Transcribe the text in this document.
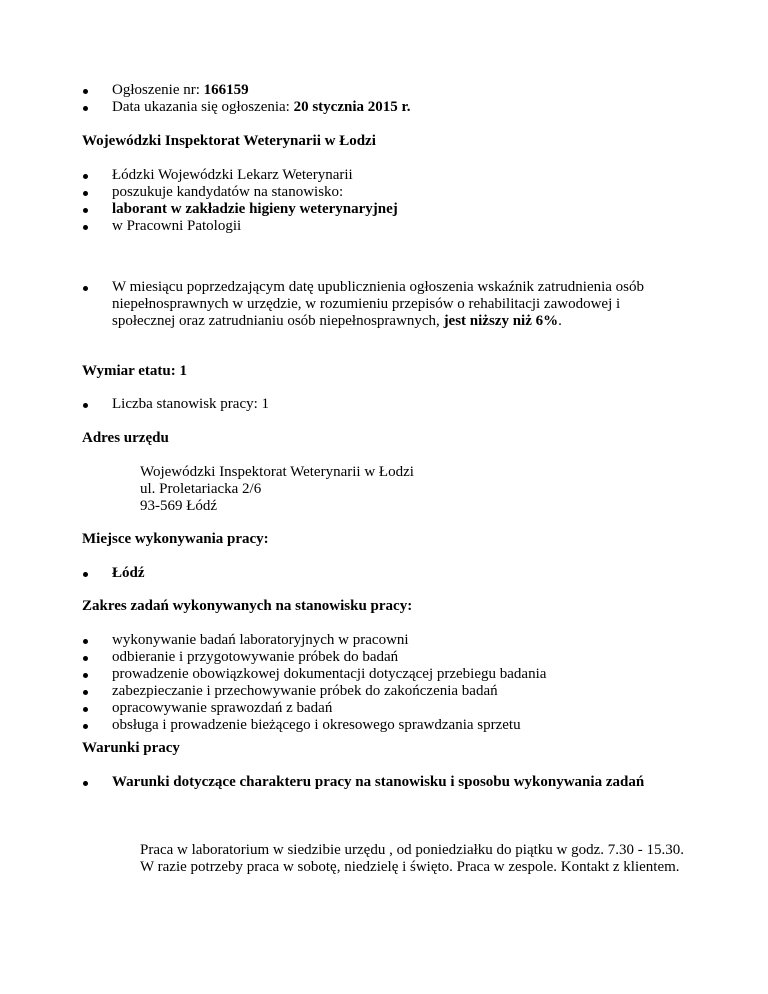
Ogłoszenie nr: 166159
Data ukazania się ogłoszenia: 20 stycznia 2015 r.
Wojewódzki Inspektorat Weterynarii w Łodzi
Łódzki Wojewódzki Lekarz Weterynarii
poszukuje kandydatów na stanowisko:
laborant w zakładzie higieny weterynaryjnej
w Pracowni Patologii
W miesiącu poprzedzającym datę upublicznienia ogłoszenia wskaźnik zatrudnienia osób niepełnosprawnych w urzędzie, w rozumieniu przepisów o rehabilitacji zawodowej i społecznej oraz zatrudnianiu osób niepełnosprawnych, jest niższy niż 6%.
Wymiar etatu: 1
Liczba stanowisk pracy: 1
Adres urzędu
Wojewódzki Inspektorat Weterynarii w Łodzi
ul. Proletariacka 2/6
93-569 Łódź
Miejsce wykonywania pracy:
Łódź
Zakres zadań wykonywanych na stanowisku pracy:
wykonywanie badań laboratoryjnych w pracowni
odbieranie i przygotowywanie próbek do badań
prowadzenie obowiązkowej dokumentacji dotyczącej przebiegu badania
zabezpieczanie i przechowywanie próbek do zakończenia badań
opracowywanie sprawozdań z badań
obsługa i prowadzenie bieżącego i okresowego sprawdzania sprzetu
Warunki pracy
Warunki dotyczące charakteru pracy na stanowisku i sposobu wykonywania zadań
Praca w laboratorium w siedzibie urzędu , od poniedziałku do piątku w godz. 7.30 - 15.30. W razie potrzeby praca w sobotę, niedzielę i święto. Praca w zespole. Kontakt z klientem.
